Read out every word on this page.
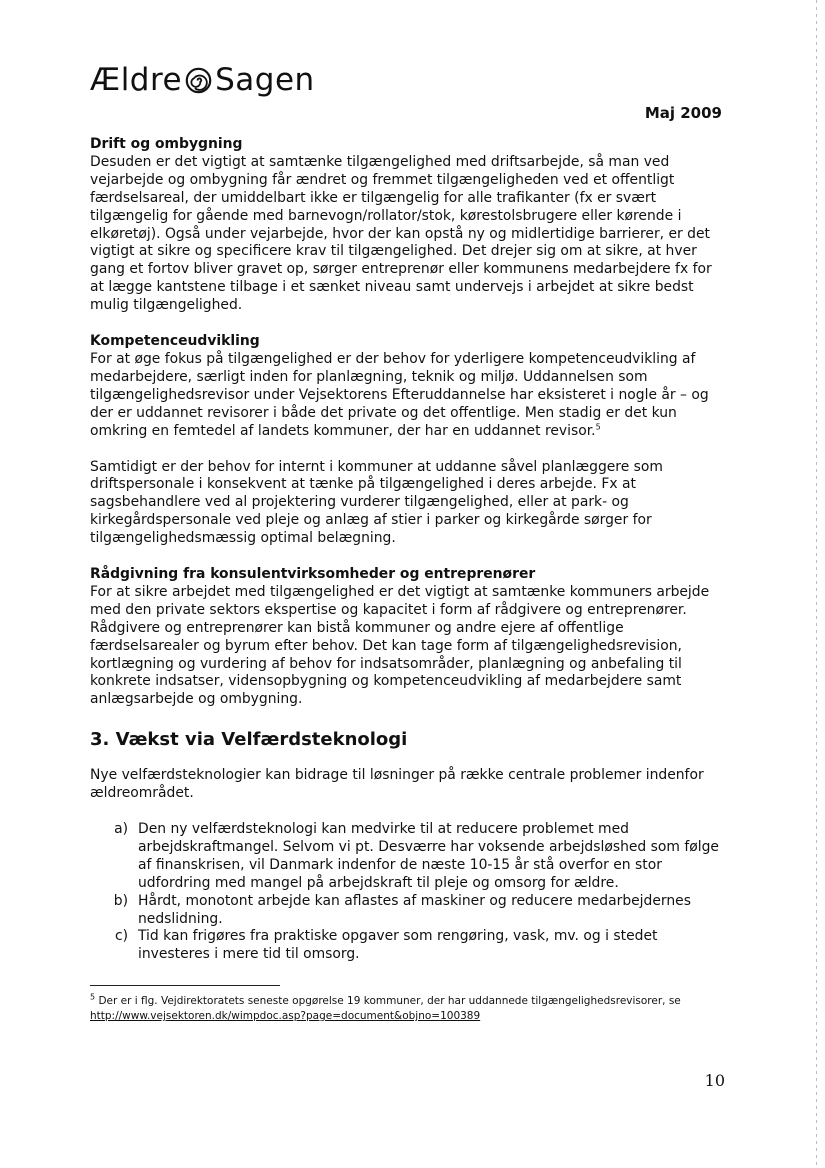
Ældre Sagen
Maj 2009
Drift og ombygning

Desuden er det vigtigt at samtænke tilgængelighed med driftsarbejde, så man ved vejarbejde og ombygning får ændret og fremmet tilgængeligheden ved et offentligt færdselsareal, der umiddelbart ikke er tilgængelig for alle trafikanter (fx er svært tilgængelig for gående med barnevogn/rollator/stok, kørestolsbrugere eller kørende i elkøretøj). Også under vejarbejde, hvor der kan opstå ny og midlertidige barrierer, er det vigtigt at sikre og specificere krav til tilgængelighed. Det drejer sig om at sikre, at hver gang et fortov bliver gravet op, sørger entreprenør eller kommunens medarbejdere fx for at lægge kantstene tilbage i et sænket niveau samt undervejs i arbejdet at sikre bedst mulig tilgængelighed.

Kompetenceudvikling

For at øge fokus på tilgængelighed er der behov for yderligere kompetenceudvikling af medarbejdere, særligt inden for planlægning, teknik og miljø. Uddannelsen som tilgængelighedsrevisor under Vejsektorens Efteruddannelse har eksisteret i nogle år – og der er uddannet revisorer i både det private og det offentlige. Men stadig er det kun omkring en femtedel af landets kommuner, der har en uddannet revisor.$^5$

Samtidigt er der behov for internt i kommuner at uddanne såvel planlæggere som driftspersonale i konsekvent at tænke på tilgængelighed i deres arbejde. Fx at sagsbehandlere ved al projektering vurderer tilgængelighed, eller at park- og kirkegårdspersonale ved pleje og anlæg af stier i parker og kirkegårde sørger for tilgængelighedsmæssig optimal belægning.

Rådgivning fra konsulentvirksomheder og entreprenører

For at sikre arbejdet med tilgængelighed er det vigtigt at samtænke kommuners arbejde med den private sektors ekspertise og kapacitet i form af rådgivere og entreprenører. Rådgivere og entreprenører kan bistå kommuner og andre ejere af offentlige færdselsarealer og byrum efter behov. Det kan tage form af tilgængelighedsrevision, kortlægning og vurdering af behov for indsatsområder, planlægning og anbefaling til konkrete indsatser, vidensopbygning og kompetenceudvikling af medarbejdere samt anlægsarbejde og ombygning.

3. Vækst via Velfærdsteknologi

Nye velfærdsteknologier kan bidrage til løsninger på række centrale problemer indenfor ældreområdet.

a) Den ny velfærdsteknologi kan medvirke til at reducere problemet med arbejdskraftmangel. Selvom vi pt. Desværre har voksende arbejdsløshed som følge af finanskrisen, vil Danmark indenfor de næste 10-15 år stå overfor en stor udfordring med mangel på arbejdskraft til pleje og omsorg for ældre.
b) Hårdt, monotont arbejde kan aflastes af maskiner og reducere medarbejdernes nedslidning.
c) Tid kan frigøres fra praktiske opgaver som rengøring, vask, mv. og i stedet investeres i mere tid til omsorg.
$^5$ Der er i flg. Vejdirektoratets seneste opgørelse 19 kommuner, der har uddannede tilgængelighedsrevisorer, se http://www.vejsektoren.dk/wimpdoc.asp?page=document&objno=100389
10
